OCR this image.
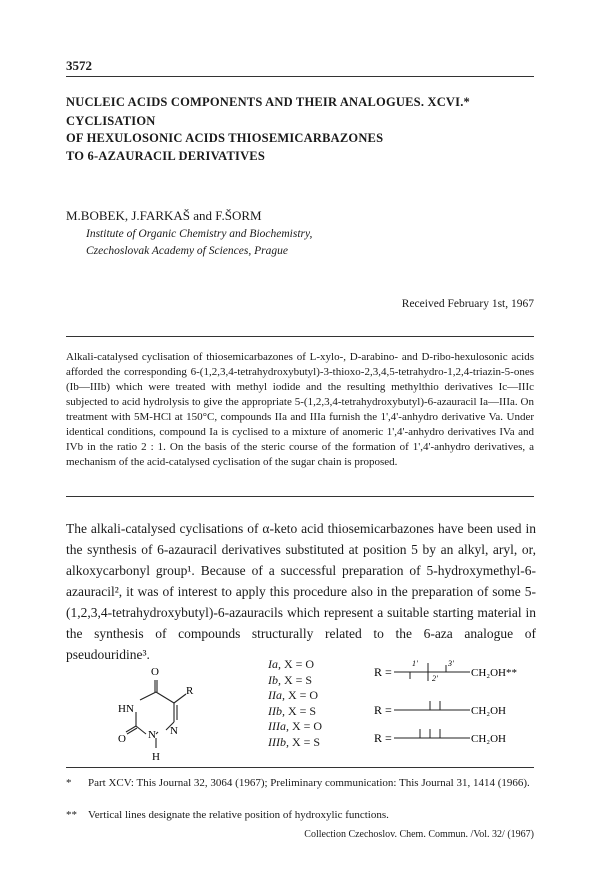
3572
NUCLEIC ACIDS COMPONENTS AND THEIR ANALOGUES. XCVI.*
CYCLISATION
OF HEXULOSONIC ACIDS THIOSEMICARBAZONES
TO 6-AZAURACIL DERIVATIVES
M.BOBEK, J.FARKAŠ and F.ŠORM
Institute of Organic Chemistry and Biochemistry,
Czechoslovak Academy of Sciences, Prague
Received February 1st, 1967

Alkali-catalysed cyclisation of thiosemicarbazones of L-xylo-, D-arabino- and D-ribo-hexulosonic acids afforded the corresponding 6-(1,2,3,4-tetrahydroxybutyl)-3-thioxo-2,3,4,5-tetrahydro-1,2,4-triazin-5-ones (Ib—IIIb) which were treated with methyl iodide and the resulting methylthio derivatives Ic—IIIc subjected to acid hydrolysis to give the appropriate 5-(1,2,3,4-tetrahydroxybutyl)-6-azauracil Ia—IIIa. On treatment with 5M-HCl at 150°C, compounds IIa and IIIa furnish the 1',4'-anhydro derivative Va. Under identical conditions, compound Ia is cyclised to a mixture of anomeric 1',4'-anhydro derivatives IVa and IVb in the ratio 2 : 1. On the basis of the steric course of the formation of 1',4'-anhydro derivatives, a mechanism of the acid-catalysed cyclisation of the sugar chain is proposed.

The alkali-catalysed cyclisations of α-keto acid thiosemicarbazones have been used in the synthesis of 6-azauracil derivatives substituted at position 5 by an alkyl, aryl, or, alkoxycarbonyl group¹. Because of a successful preparation of 5-hydroxymethyl-6-azauracil², it was of interest to apply this procedure also in the preparation of some 5-(1,2,3,4-tetrahydroxybutyl)-6-azauracils which represent a suitable starting material in the synthesis of compounds structurally related to the 6-aza analogue of pseudouridine³.

O
R
HN
N
N
O
H
Ia, X = O
Ib, X = S
IIa, X = O
IIb, X = S
IIIa, X = O
IIIb, X = S
R =
1'
2'
3'
CH₂OH**
R =	CH₂OH
R =	CH₂OH
* Part XCV: This Journal 32, 3064 (1967); Preliminary communication: This Journal 31, 1414 (1966).
** Vertical lines designate the relative position of hydroxylic functions.
Collection Czechoslov. Chem. Commun. /Vol. 32/ (1967)
